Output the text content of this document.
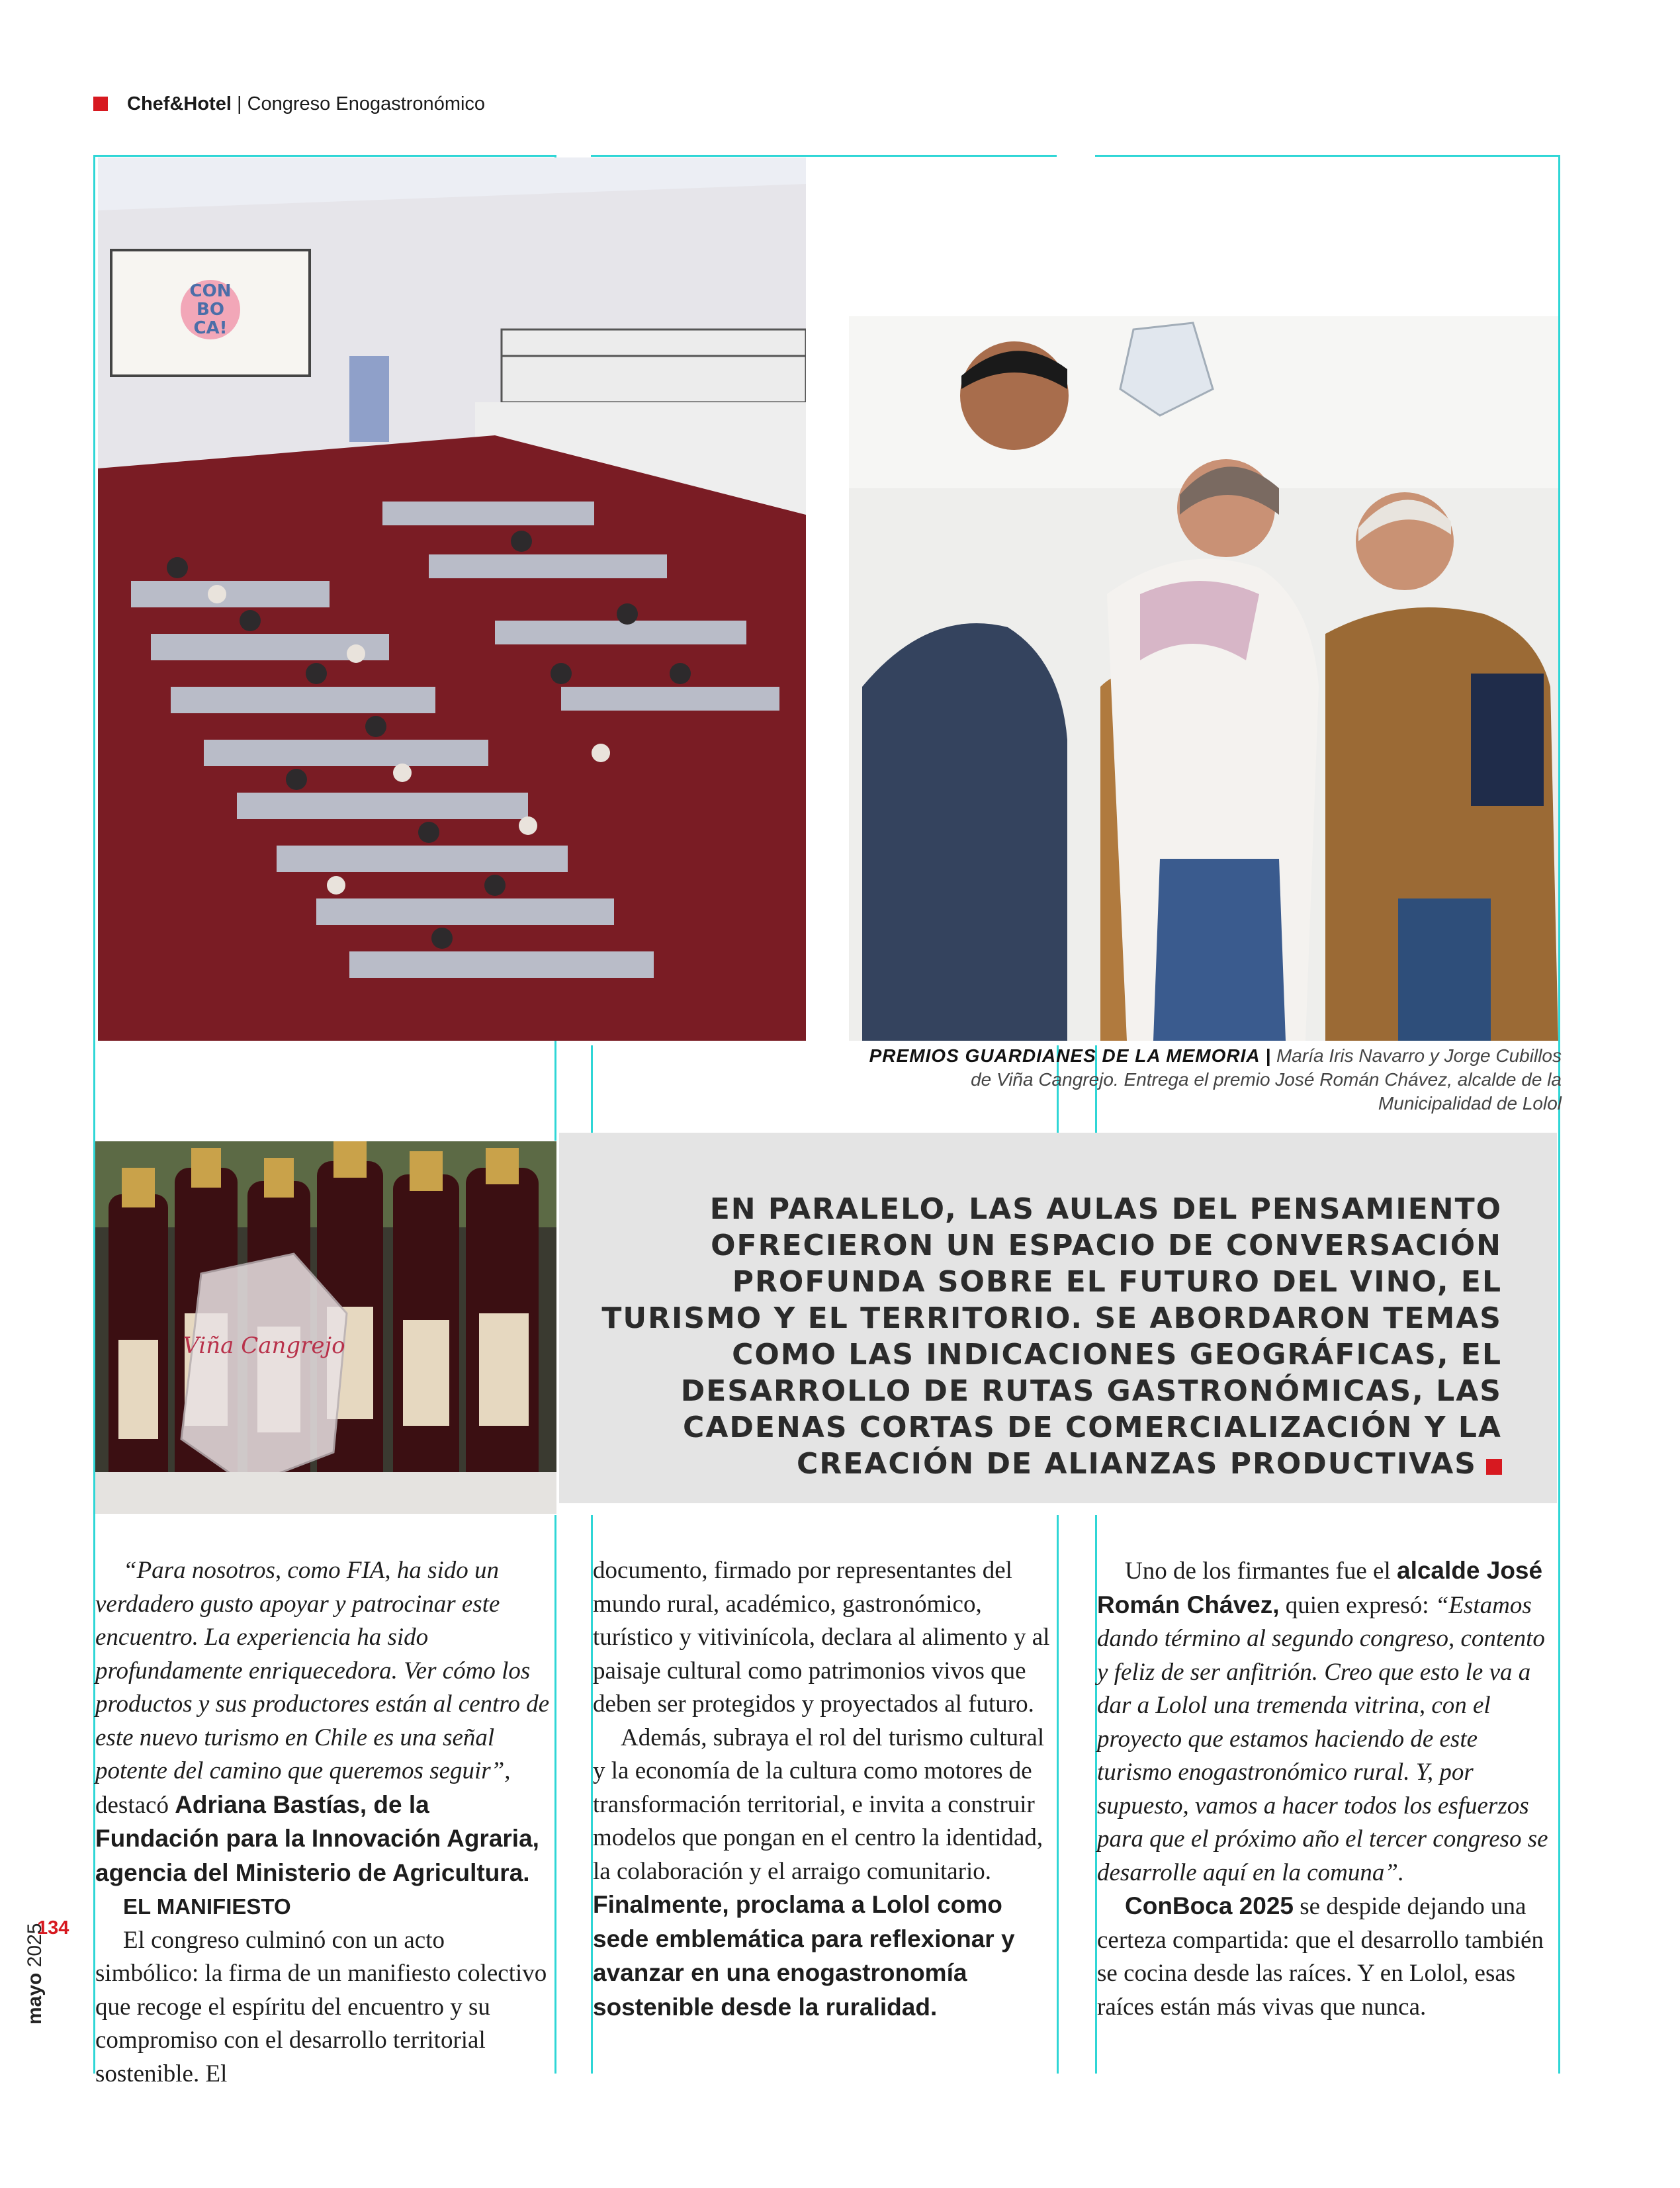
Chef&Hotel | Congreso Enogastronómico
CON
BO
CA!
PREMIOS GUARDIANES DE LA MEMORIA | María Iris Navarro y Jorge Cubillos de Viña Cangrejo. Entrega el premio José Román Chávez, alcalde de la Municipalidad de Lolol
Viña Cangrejo
EN PARALELO, LAS AULAS DEL PENSAMIENTO OFRECIERON UN ESPACIO DE CONVERSACIÓN PROFUNDA SOBRE EL FUTURO DEL VINO, EL TURISMO Y EL TERRITORIO. SE ABORDARON TEMAS COMO LAS INDICACIONES GEOGRÁFICAS, EL DESARROLLO DE RUTAS GASTRONÓMICAS, LAS CADENAS CORTAS DE COMERCIALIZACIÓN Y LA CREACIÓN DE ALIANZAS PRODUCTIVAS

“Para nosotros, como FIA, ha sido un verdadero gusto apoyar y patrocinar este encuentro. La experiencia ha sido profundamente enriquecedora. Ver cómo los productos y sus productores están al centro de este nuevo turismo en Chile es una señal potente del camino que queremos seguir”, destacó Adriana Bastías, de la Fundación para la Innovación Agraria, agencia del Ministerio de Agricultura.

EL MANIFIESTO

El congreso culminó con un acto simbólico: la firma de un manifiesto colectivo que recoge el espíritu del encuentro y su compromiso con el desarrollo territorial sostenible. El

documento, firmado por representantes del mundo rural, académico, gastronómico, turístico y vitivinícola, declara al alimento y al paisaje cultural como patrimonios vivos que deben ser protegidos y proyectados al futuro.

Además, subraya el rol del turismo cultural y la economía de la cultura como motores de transformación territorial, e invita a construir modelos que pongan en el centro la identidad, la colaboración y el arraigo comunitario. Finalmente, proclama a Lolol como sede emblemática para reflexionar y avanzar en una enogastronomía sostenible desde la ruralidad.

Uno de los firmantes fue el alcalde José Román Chávez, quien expresó: “Estamos dando término al segundo congreso, contento y feliz de ser anfitrión. Creo que esto le va a dar a Lolol una tremenda vitrina, con el proyecto que estamos haciendo de este turismo enogastronómico rural. Y, por supuesto, vamos a hacer todos los esfuerzos para que el próximo año el tercer congreso se desarrolle aquí en la comuna”.

ConBoca 2025 se despide dejando una certeza compartida: que el desarrollo también se cocina desde las raíces. Y en Lolol, esas raíces están más vivas que nunca.

134
mayo 2025
